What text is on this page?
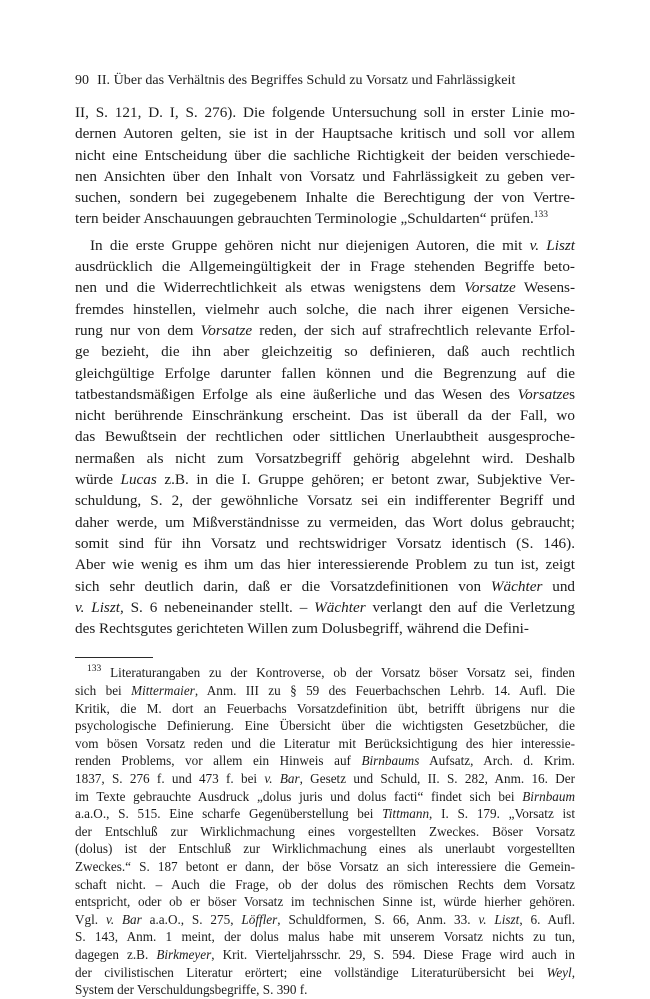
90 II. Über das Verhältnis des Begriffes Schuld zu Vorsatz und Fahrlässigkeit
II, S. 121, D. I, S. 276). Die folgende Untersuchung soll in erster Linie mo-
dernen Autoren gelten, sie ist in der Hauptsache kritisch und soll vor allem
nicht eine Entscheidung über die sachliche Richtigkeit der beiden verschiede-
nen Ansichten über den Inhalt von Vorsatz und Fahrlässigkeit zu geben ver-
suchen, sondern bei zugegebenem Inhalte die Berechtigung der von Vertre-
tern beider Anschauungen gebrauchten Terminologie „Schuldarten“ prüfen.$^{133}$
In die erste Gruppe gehören nicht nur diejenigen Autoren, die mit v. Liszt
ausdrücklich die Allgemeingültigkeit der in Frage stehenden Begriffe beto-
nen und die Widerrechtlichkeit als etwas wenigstens dem Vorsatze Wesens-
fremdes hinstellen, vielmehr auch solche, die nach ihrer eigenen Versiche-
rung nur von dem Vorsatze reden, der sich auf strafrechtlich relevante Erfol-
ge bezieht, die ihn aber gleichzeitig so definieren, daß auch rechtlich
gleichgültige Erfolge darunter fallen können und die Begrenzung auf die
tatbestandsmäßigen Erfolge als eine äußerliche und das Wesen des Vorsatzes
nicht berührende Einschränkung erscheint. Das ist überall da der Fall, wo
das Bewußtsein der rechtlichen oder sittlichen Unerlaubtheit ausgesproche-
nermaßen als nicht zum Vorsatzbegriff gehörig abgelehnt wird. Deshalb
würde Lucas z.B. in die I. Gruppe gehören; er betont zwar, Subjektive Ver-
schuldung, S. 2, der gewöhnliche Vorsatz sei ein indifferenter Begriff und
daher werde, um Mißverständnisse zu vermeiden, das Wort dolus gebraucht;
somit sind für ihn Vorsatz und rechtswidriger Vorsatz identisch (S. 146).
Aber wie wenig es ihm um das hier interessierende Problem zu tun ist, zeigt
sich sehr deutlich darin, daß er die Vorsatzdefinitionen von Wächter und
v. Liszt, S. 6 nebeneinander stellt. – Wächter verlangt den auf die Verletzung
des Rechtsgutes gerichteten Willen zum Dolusbegriff, während die Defini-
$^{133}$ Literaturangaben zu der Kontroverse, ob der Vorsatz böser Vorsatz sei, finden
sich bei Mittermaier, Anm. III zu § 59 des Feuerbachschen Lehrb. 14. Aufl. Die
Kritik, die M. dort an Feuerbachs Vorsatzdefinition übt, betrifft übrigens nur die
psychologische Definierung. Eine Übersicht über die wichtigsten Gesetzbücher, die
vom bösen Vorsatz reden und die Literatur mit Berücksichtigung des hier interessie-
renden Problems, vor allem ein Hinweis auf Birnbaums Aufsatz, Arch. d. Krim.
1837, S. 276 f. und 473 f. bei v. Bar, Gesetz und Schuld, II. S. 282, Anm. 16. Der
im Texte gebrauchte Ausdruck „dolus juris und dolus facti“ findet sich bei Birnbaum
a.a.O., S. 515. Eine scharfe Gegenüberstellung bei Tittmann, I. S. 179. „Vorsatz ist
der Entschluß zur Wirklichmachung eines vorgestellten Zweckes. Böser Vorsatz
(dolus) ist der Entschluß zur Wirklichmachung eines als unerlaubt vorgestellten
Zweckes.“ S. 187 betont er dann, der böse Vorsatz an sich interessiere die Gemein-
schaft nicht. – Auch die Frage, ob der dolus des römischen Rechts dem Vorsatz
entspricht, oder ob er böser Vorsatz im technischen Sinne ist, würde hierher gehören.
Vgl. v. Bar a.a.O., S. 275, Löffler, Schuldformen, S. 66, Anm. 33. v. Liszt, 6. Aufl.
S. 143, Anm. 1 meint, der dolus malus habe mit unserem Vorsatz nichts zu tun,
dagegen z.B. Birkmeyer, Krit. Vierteljahrsschr. 29, S. 594. Diese Frage wird auch in
der civilistischen Literatur erörtert; eine vollständige Literaturübersicht bei Weyl,
System der Verschuldungsbegriffe, S. 390 f.
